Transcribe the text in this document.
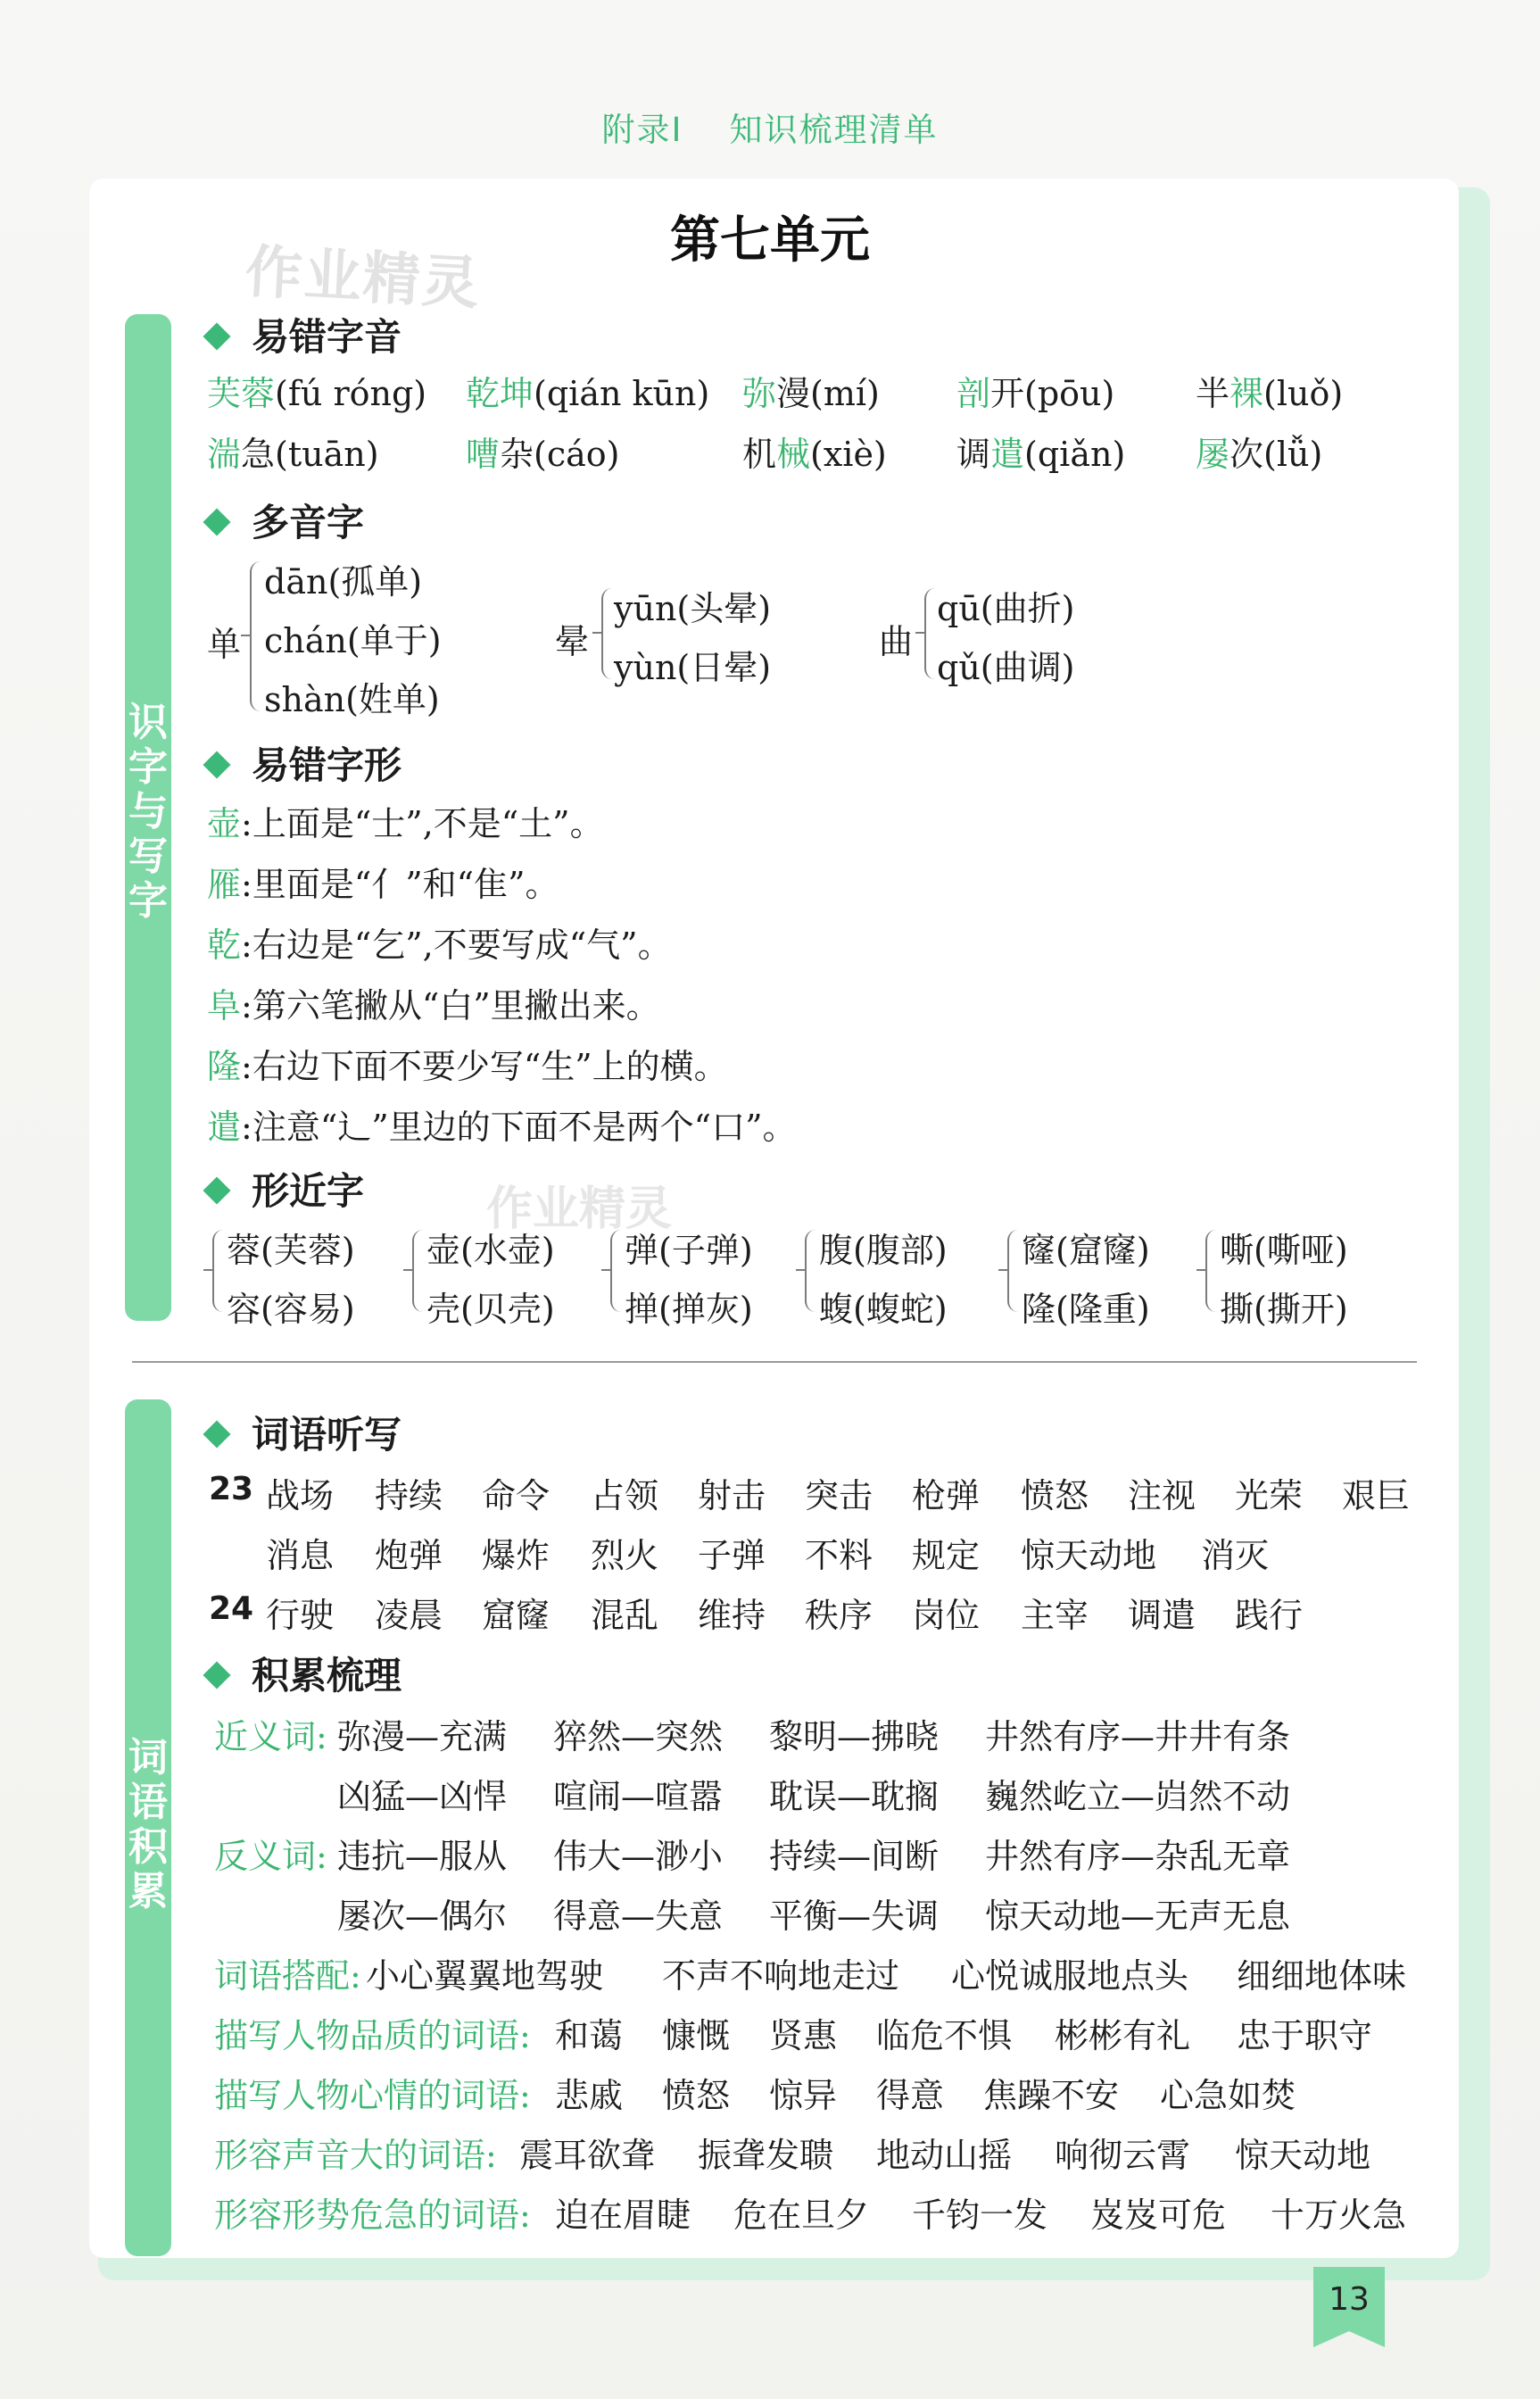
附录Ⅰ 知识梳理清单
作业精灵
作业精灵
第七单元
识
字
与
写
字
词
语
积
累
易错字音
芙蓉(fú róng) 乾坤(qián kūn) 弥漫(mí) 剖开(pōu) 半裸(luǒ)
湍急(tuān)	嘈杂(cáo)	机械(xiè) 调遣(qiǎn) 屡次(lǚ)
多音字
单
dān(孤单)
chán(单于)
shàn(姓单)
晕
yūn(头晕)
yùn(日晕)
曲
qū(曲折)
qǔ(曲调)
易错字形
壶:上面是“士”,不是“土”。
雁:里面是“亻”和“隹”。
乾:右边是“乞”,不要写成“气”。
阜:第六笔撇从“白”里撇出来。
隆:右边下面不要少写“生”上的横。
遣:注意“辶”里边的下面不是两个“口”。
形近字
蓉(芙蓉)
容(容易)
壶(水壶)
壳(贝壳)
弹(子弹)
掸(掸灰)
腹(腹部)
蝮(蝮蛇)
窿(窟窿)
隆(隆重)
嘶(嘶哑)
撕(撕开)
词语听写
23 战场 持续 命令 占领 射击 突击 枪弹 愤怒 注视 光荣 艰巨
消息 炮弹 爆炸 烈火 子弹 不料 规定 惊天动地 消灭
24 行驶 凌晨 窟窿 混乱 维持 秩序 岗位 主宰 调遣 践行
积累梳理
近义词: 弥漫—充满 猝然—突然 黎明—拂晓 井然有序—井井有条
凶猛—凶悍 喧闹—喧嚣 耽误—耽搁 巍然屹立—岿然不动
反义词: 违抗—服从 伟大—渺小 持续—间断 井然有序—杂乱无章
屡次—偶尔 得意—失意 平衡—失调 惊天动地—无声无息
词语搭配: 小心翼翼地驾驶 不声不响地走过 心悦诚服地点头 细细地体味
描写人物品质的词语: 和蔼 慷慨 贤惠 临危不惧 彬彬有礼 忠于职守
描写人物心情的词语: 悲戚 愤怒 惊异 得意 焦躁不安 心急如焚
形容声音大的词语: 震耳欲聋 振聋发聩 地动山摇 响彻云霄 惊天动地
形容形势危急的词语: 迫在眉睫 危在旦夕 千钧一发 岌岌可危 十万火急
13
